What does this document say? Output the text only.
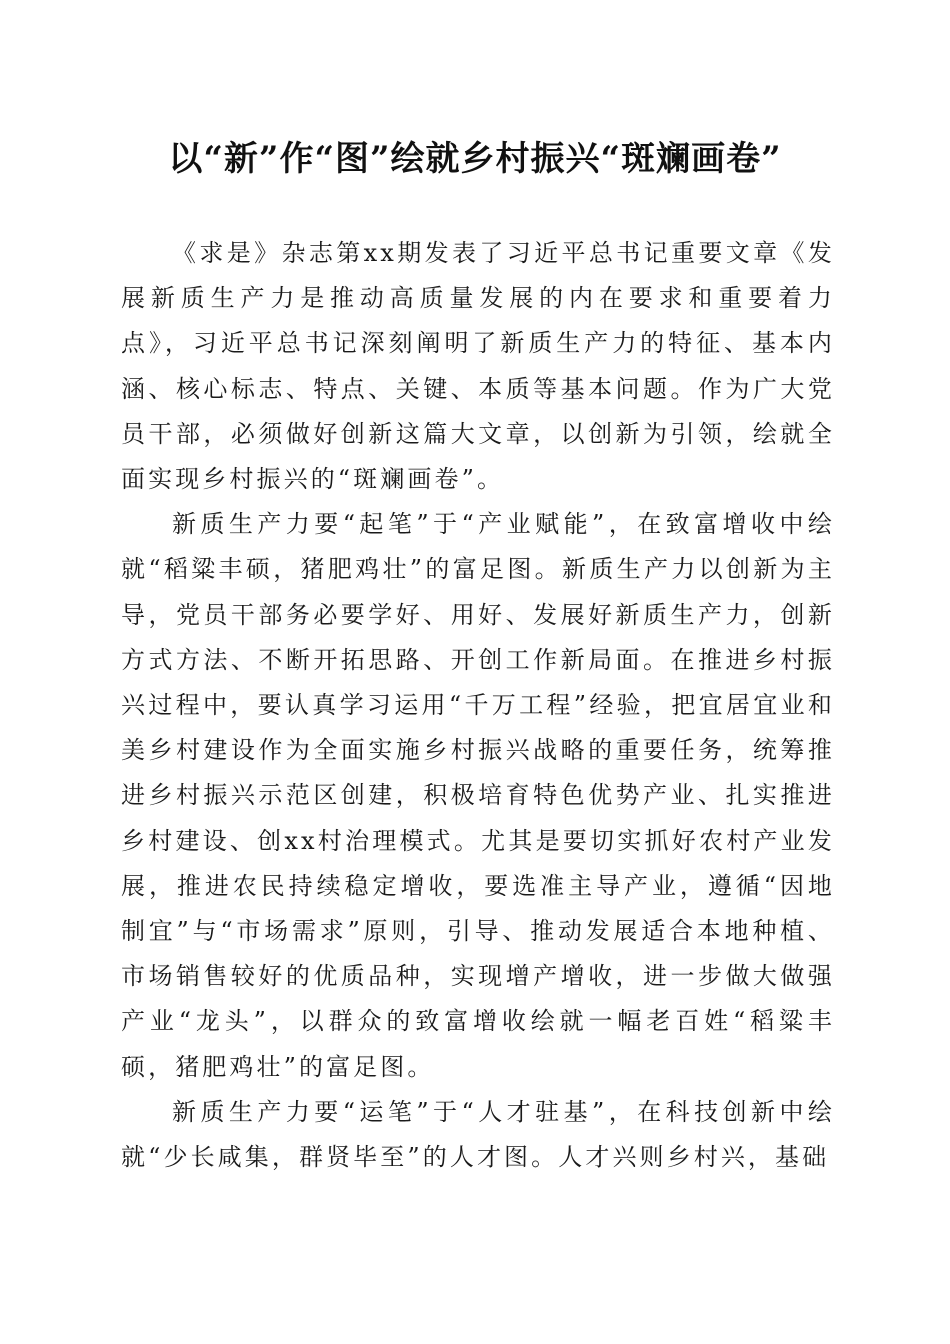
以“新”作“图”绘就乡村振兴“斑斓画卷”

《求是》杂志第xx期发表了习近平总书记重要文章《发展新质生产力是推动高质量发展的内在要求和重要着力点》，习近平总书记深刻阐明了新质生产力的特征、基本内涵、核心标志、特点、关键、本质等基本问题。作为广大党员干部，必须做好创新这篇大文章，以创新为引领，绘就全面实现乡村振兴的“斑斓画卷”。

新质生产力要“起笔”于“产业赋能”，在致富增收中绘就“稻粱丰硕，猪肥鸡壮”的富足图。新质生产力以创新为主导，党员干部务必要学好、用好、发展好新质生产力，创新方式方法、不断开拓思路、开创工作新局面。在推进乡村振兴过程中，要认真学习运用“千万工程”经验，把宜居宜业和美乡村建设作为全面实施乡村振兴战略的重要任务，统筹推进乡村振兴示范区创建，积极培育特色优势产业、扎实推进乡村建设、创xx村治理模式。尤其是要切实抓好农村产业发展，推进农民持续稳定增收，要选准主导产业，遵循“因地制宜”与“市场需求”原则，引导、推动发展适合本地种植、市场销售较好的优质品种，实现增产增收，进一步做大做强产业“龙头”，以群众的致富增收绘就一幅老百姓“稻粱丰硕，猪肥鸡壮”的富足图。

新质生产力要“运笔”于“人才驻基”，在科技创新中绘就“少长咸集，群贤毕至”的人才图。人才兴则乡村兴，基础
